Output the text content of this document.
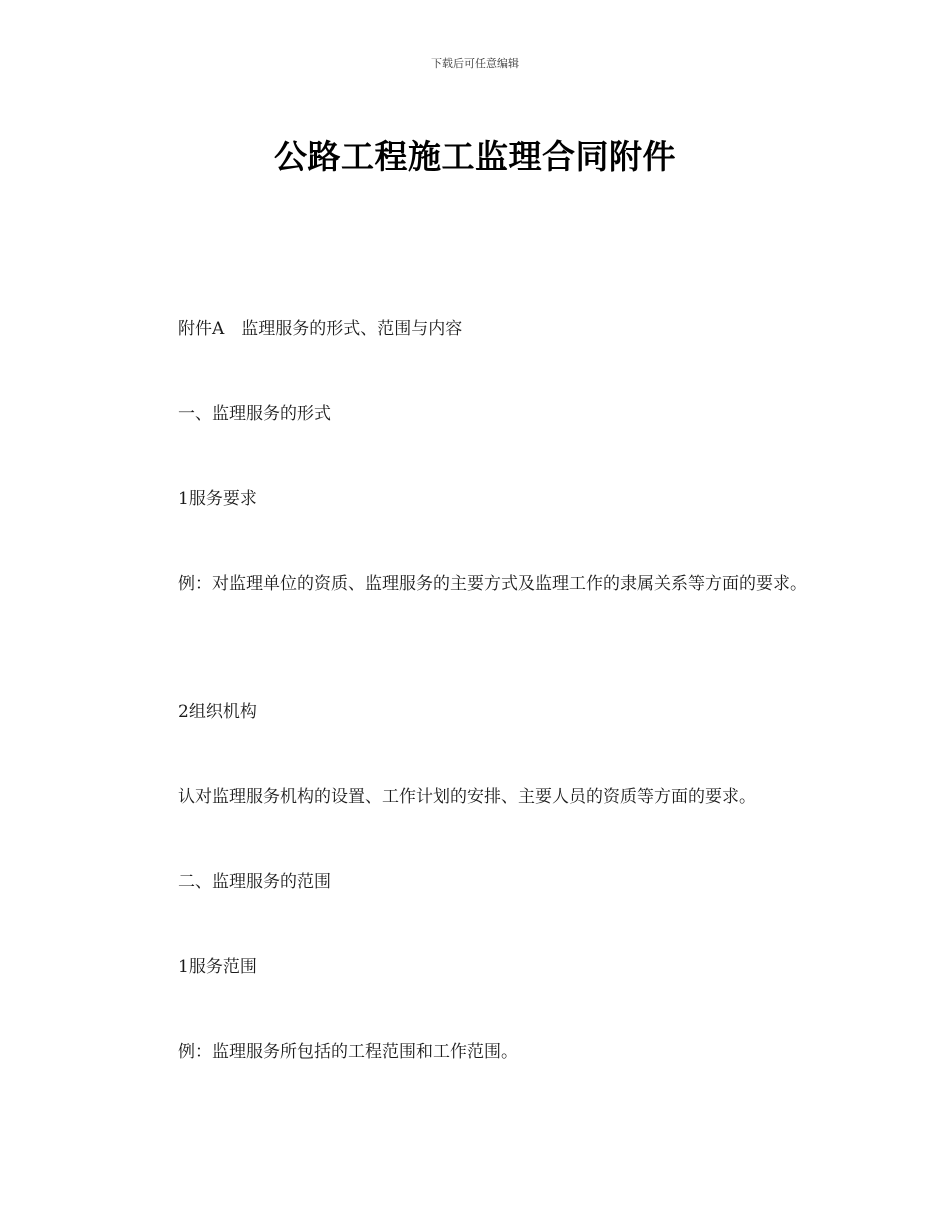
下载后可任意编辑
公路工程施工监理合同附件

附件A　监理服务的形式、范围与内容

一、监理服务的形式

1服务要求

例：对监理单位的资质、监理服务的主要方式及监理工作的隶属关系等方面的要求。

2组织机构

认对监理服务机构的设置、工作计划的安排、主要人员的资质等方面的要求。

二、监理服务的范围

1服务范围

例：监理服务所包括的工程范围和工作范围。
